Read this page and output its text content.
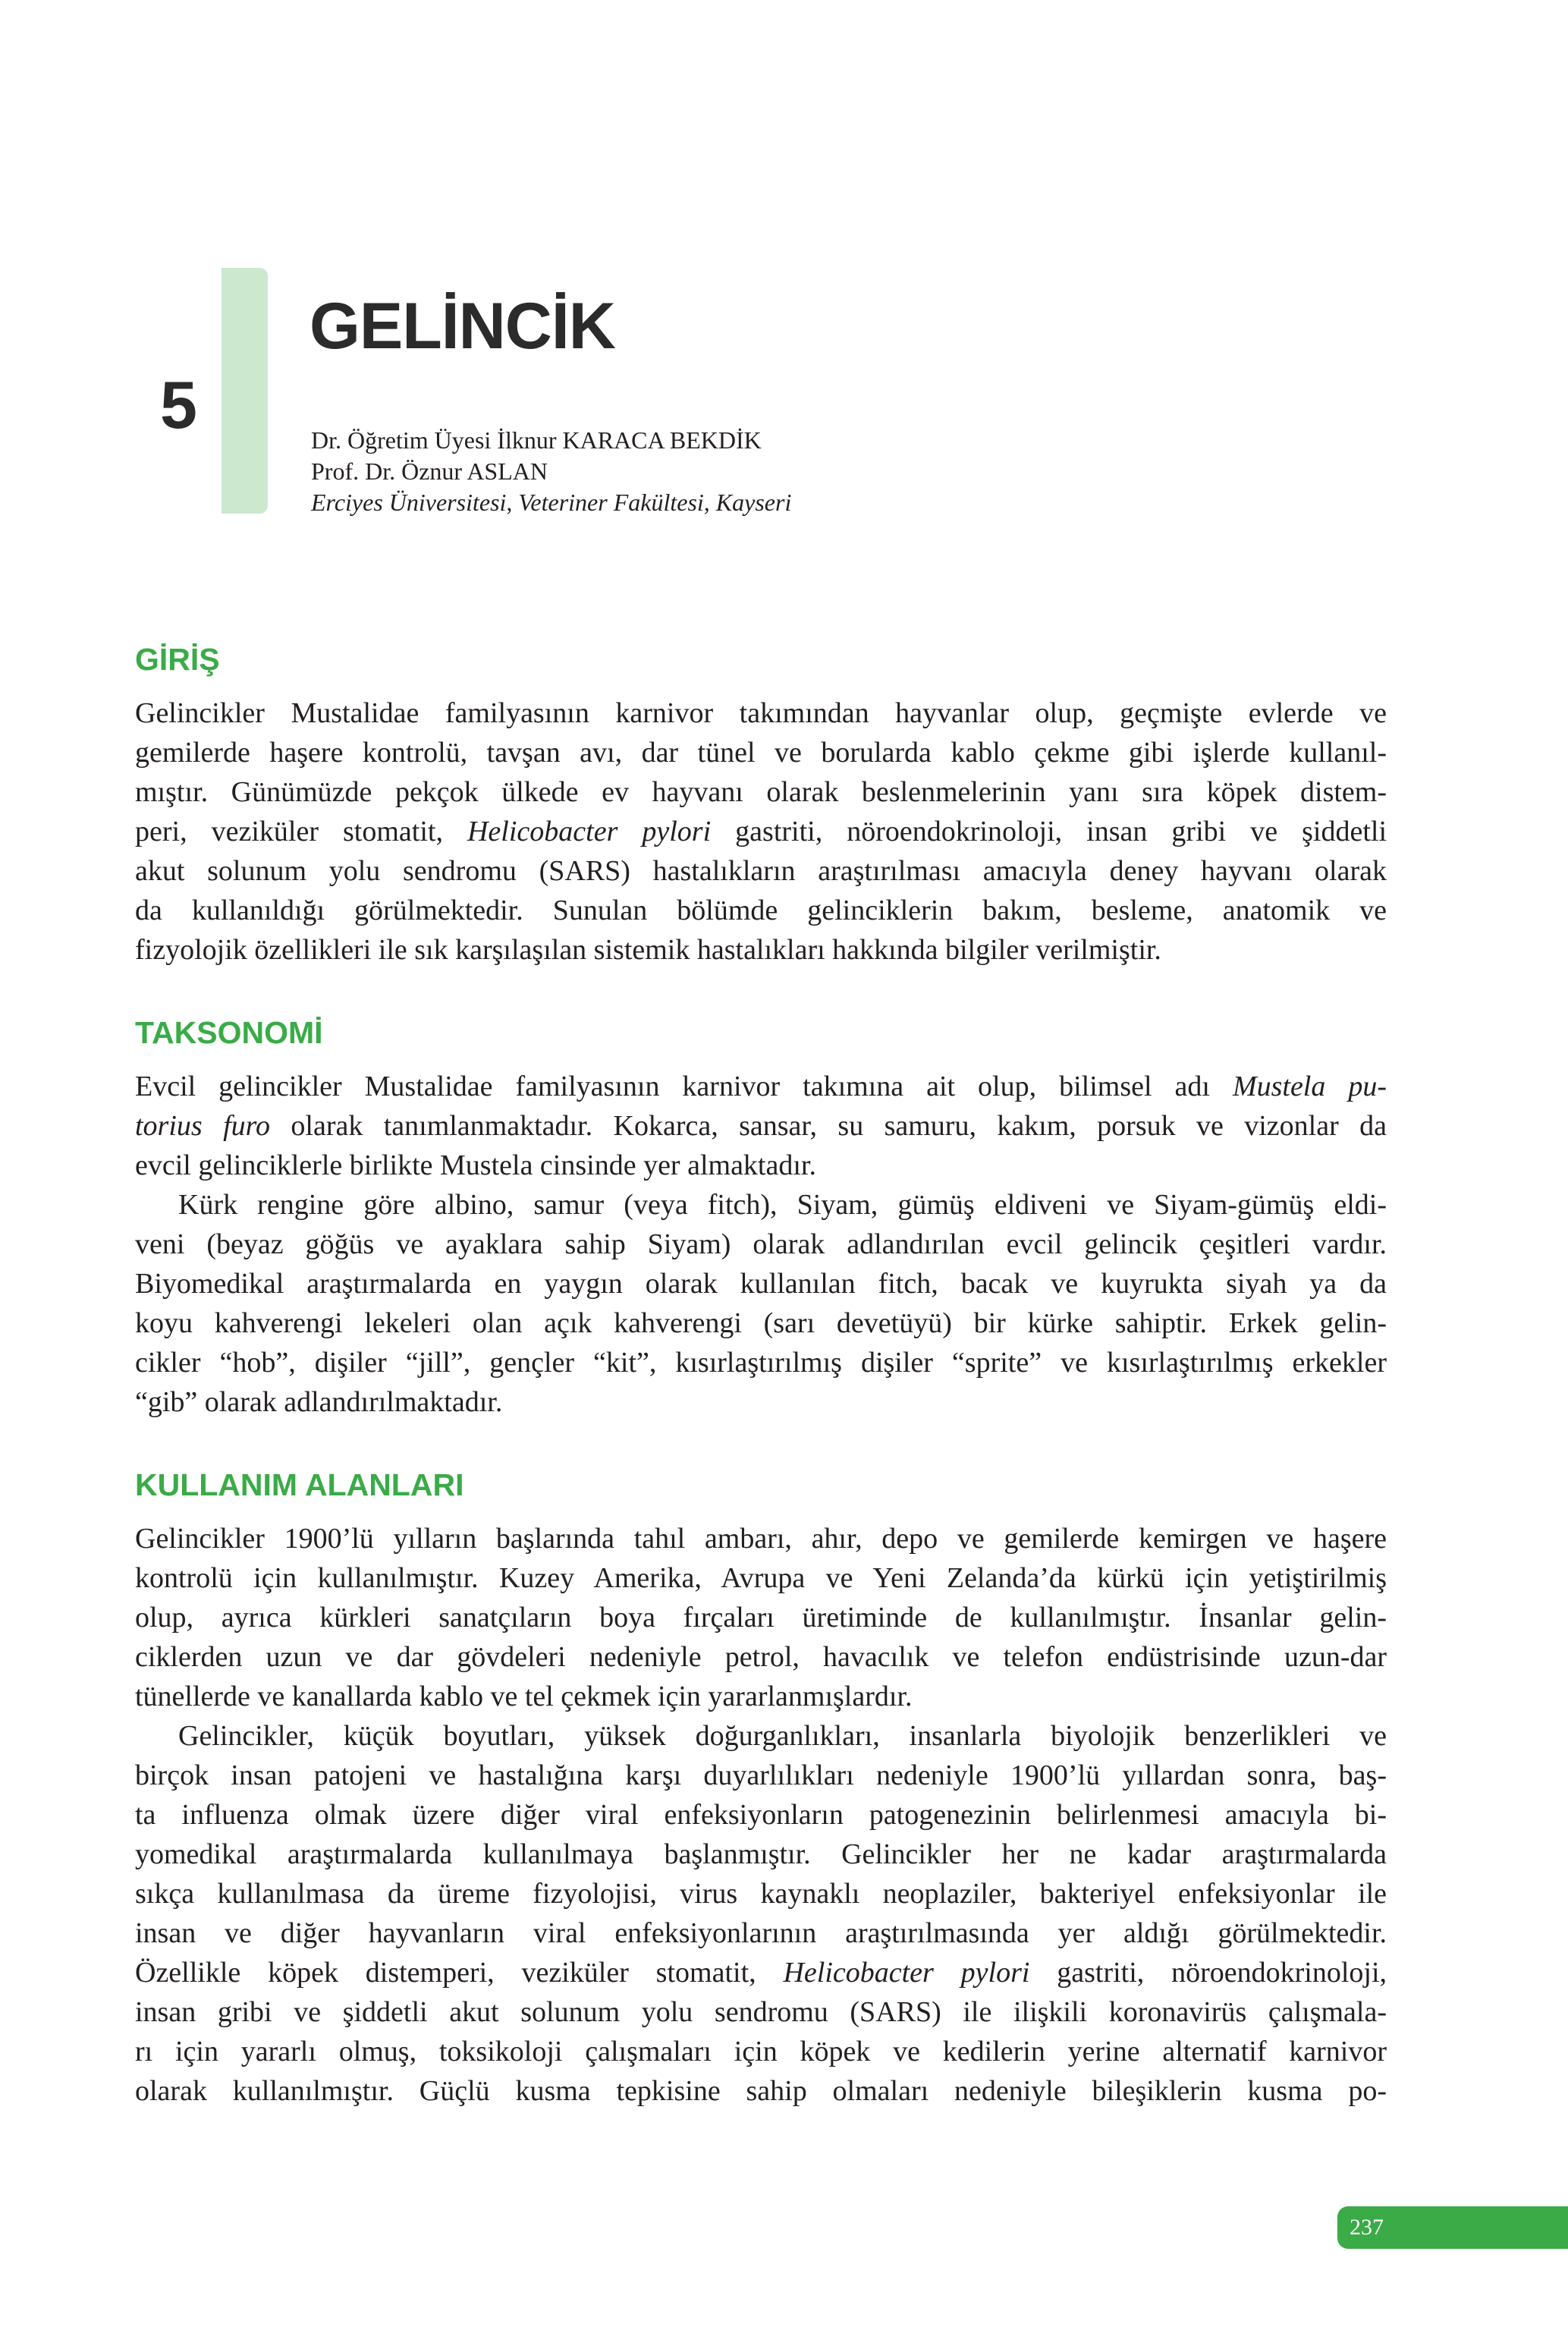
5
GELİNCİK
Dr. Öğretim Üyesi İlknur KARACA BEKDİK
Prof. Dr. Öznur ASLAN
Erciyes Üniversitesi, Veteriner Fakültesi, Kayseri
GİRİŞ
Gelincikler Mustalidae familyasının karnivor takımından hayvanlar olup, geçmişte evlerde ve
gemilerde haşere kontrolü, tavşan avı, dar tünel ve borularda kablo çekme gibi işlerde kullanıl-
mıştır. Günümüzde pekçok ülkede ev hayvanı olarak beslenmelerinin yanı sıra köpek distem-
peri, veziküler stomatit, Helicobacter pylori gastriti, nöroendokrinoloji, insan gribi ve şiddetli
akut solunum yolu sendromu (SARS) hastalıkların araştırılması amacıyla deney hayvanı olarak
da kullanıldığı görülmektedir. Sunulan bölümde gelinciklerin bakım, besleme, anatomik ve
fizyolojik özellikleri ile sık karşılaşılan sistemik hastalıkları hakkında bilgiler verilmiştir.
TAKSONOMİ
Evcil gelincikler Mustalidae familyasının karnivor takımına ait olup, bilimsel adı Mustela pu-
torius furo olarak tanımlanmaktadır. Kokarca, sansar, su samuru, kakım, porsuk ve vizonlar da
evcil gelinciklerle birlikte Mustela cinsinde yer almaktadır.
Kürk rengine göre albino, samur (veya fitch), Siyam, gümüş eldiveni ve Siyam-gümüş eldi-
veni (beyaz göğüs ve ayaklara sahip Siyam) olarak adlandırılan evcil gelincik çeşitleri vardır.
Biyomedikal araştırmalarda en yaygın olarak kullanılan fitch, bacak ve kuyrukta siyah ya da
koyu kahverengi lekeleri olan açık kahverengi (sarı devetüyü) bir kürke sahiptir. Erkek gelin-
cikler “hob”, dişiler “jill”, gençler “kit”, kısırlaştırılmış dişiler “sprite” ve kısırlaştırılmış erkekler
“gib” olarak adlandırılmaktadır.
KULLANIM ALANLARI
Gelincikler 1900’lü yılların başlarında tahıl ambarı, ahır, depo ve gemilerde kemirgen ve haşere
kontrolü için kullanılmıştır. Kuzey Amerika, Avrupa ve Yeni Zelanda’da kürkü için yetiştirilmiş
olup, ayrıca kürkleri sanatçıların boya fırçaları üretiminde de kullanılmıştır. İnsanlar gelin-
ciklerden uzun ve dar gövdeleri nedeniyle petrol, havacılık ve telefon endüstrisinde uzun-dar
tünellerde ve kanallarda kablo ve tel çekmek için yararlanmışlardır.
Gelincikler, küçük boyutları, yüksek doğurganlıkları, insanlarla biyolojik benzerlikleri ve
birçok insan patojeni ve hastalığına karşı duyarlılıkları nedeniyle 1900’lü yıllardan sonra, baş-
ta influenza olmak üzere diğer viral enfeksiyonların patogenezinin belirlenmesi amacıyla bi-
yomedikal araştırmalarda kullanılmaya başlanmıştır. Gelincikler her ne kadar araştırmalarda
sıkça kullanılmasa da üreme fizyolojisi, virus kaynaklı neoplaziler, bakteriyel enfeksiyonlar ile
insan ve diğer hayvanların viral enfeksiyonlarının araştırılmasında yer aldığı görülmektedir.
Özellikle köpek distemperi, veziküler stomatit, Helicobacter pylori gastriti, nöroendokrinoloji,
insan gribi ve şiddetli akut solunum yolu sendromu (SARS) ile ilişkili koronavirüs çalışmala-
rı için yararlı olmuş, toksikoloji çalışmaları için köpek ve kedilerin yerine alternatif karnivor
olarak kullanılmıştır. Güçlü kusma tepkisine sahip olmaları nedeniyle bileşiklerin kusma po-
237
